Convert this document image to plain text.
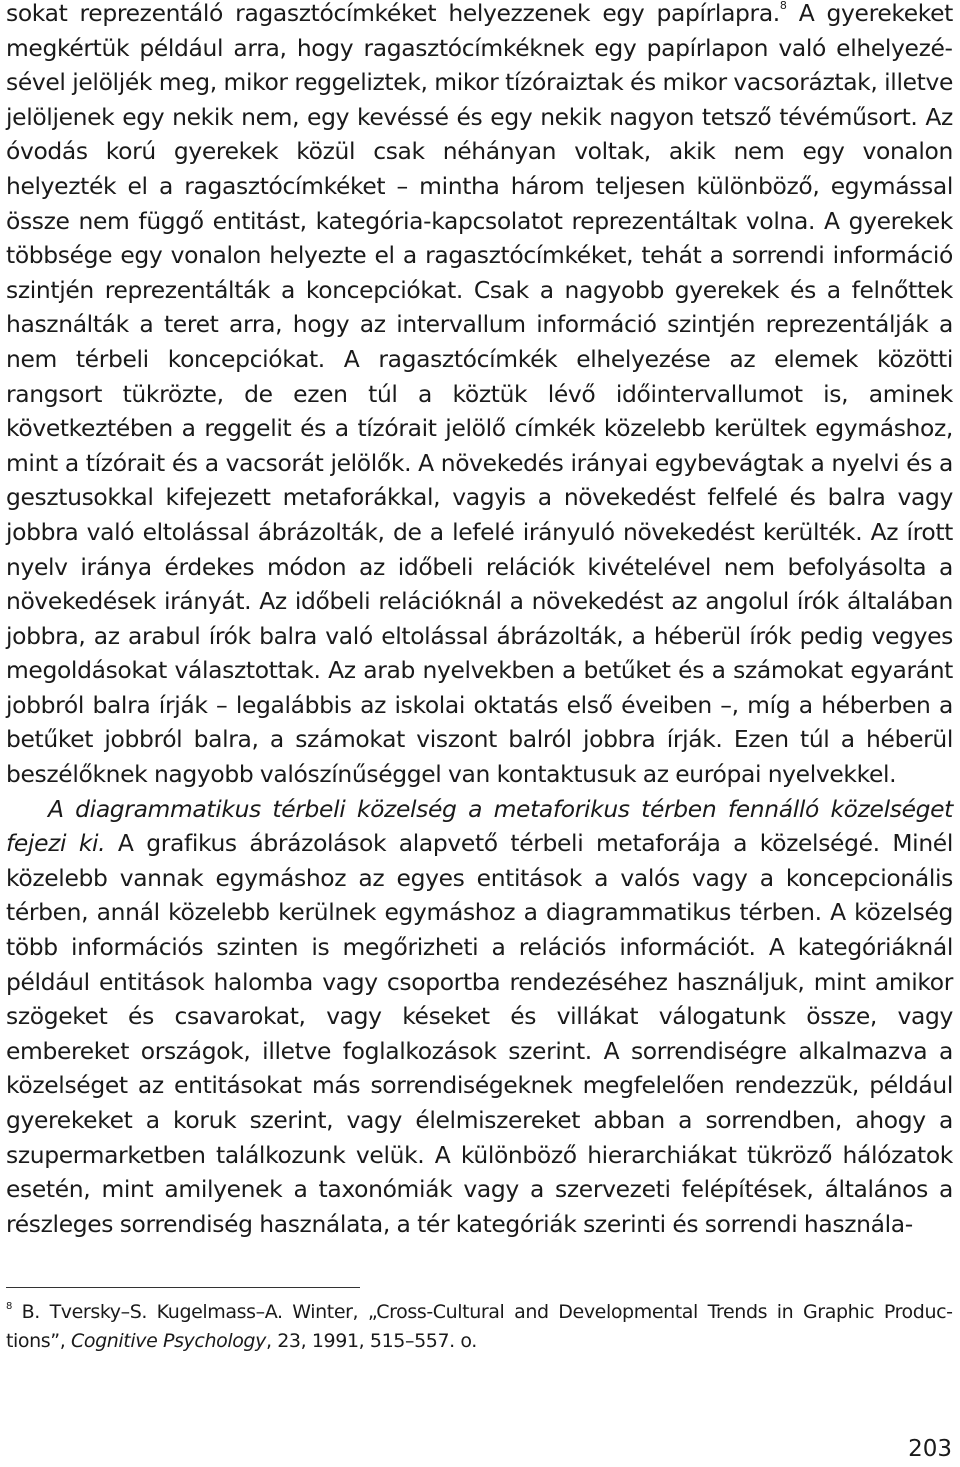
sokat reprezentáló ragasztócímkéket helyezzenek egy papírlapra.$^8$ A gyerekeket megkértük például arra, hogy ragasztócímkéknek egy papírlapon való elhelyezésével jelöljék meg, mikor reggeliztek, mikor tízóraiztak és mikor vacsoráztak, illetve jelöljenek egy nekik nem, egy kevéssé és egy nekik nagyon tetsző tévéműsort. Az óvodás korú gyerekek közül csak néhányan voltak, akik nem egy vonalon helyezték el a ragasztócímkéket – mintha három teljesen különböző, egymással össze nem függő entitást, kategória-kapcsolatot reprezentáltak volna. A gyerekek többsége egy vonalon helyezte el a ragasztócímkéket, tehát a sorrendi információ szintjén reprezentálták a koncepciókat. Csak a nagyobb gyerekek és a felnőttek használták a teret arra, hogy az intervallum információ szintjén reprezentálják a nem térbeli koncepciókat. A ragasztócímkék elhelyezése az elemek közötti rangsort tükrözte, de ezen túl a köztük lévő időintervallumot is, aminek következtében a reggelit és a tízórait jelölő címkék közelebb kerültek egymáshoz, mint a tízórait és a vacsorát jelölők. A növekedés irányai egybevágtak a nyelvi és a gesztusokkal kifejezett metaforákkal, vagyis a növekedést felfelé és balra vagy jobbra való eltolással ábrázolták, de a lefelé irányuló növekedést kerülték. Az írott nyelv iránya érdekes módon az időbeli relációk kivételével nem befolyásolta a növekedések irányát. Az időbeli relációknál a növekedést az angolul írók általában jobbra, az arabul írók balra való eltolással ábrázolták, a héberül írók pedig vegyes megoldásokat választottak. Az arab nyelvekben a betűket és a számokat egyaránt jobbról balra írják – legalábbis az iskolai oktatás első éveiben –, míg a héberben a betűket jobbról balra, a számokat viszont balról jobbra írják. Ezen túl a héberül beszélőknek nagyobb valószínűséggel van kontaktusuk az európai nyelvekkel.

A diagrammatikus térbeli közelség a metaforikus térben fennálló közelséget fejezi ki. A grafikus ábrázolások alapvető térbeli metaforája a közelségé. Minél közelebb vannak egymáshoz az egyes entitások a valós vagy a koncepcionális térben, annál közelebb kerülnek egymáshoz a diagrammatikus térben. A közelség több információs szinten is megőrizheti a relációs információt. A kategóriáknál például entitások halomba vagy csoportba rendezéséhez használjuk, mint amikor szögeket és csavarokat, vagy késeket és villákat válogatunk össze, vagy embereket országok, illetve foglalkozások szerint. A sorrendiségre alkalmazva a közelséget az entitásokat más sorrendiségeknek megfelelően rendezzük, például gyerekeket a koruk szerint, vagy élelmiszereket abban a sorrendben, ahogy a szupermarketben találkozunk velük. A különböző hierarchiákat tükröző hálózatok esetén, mint amilyenek a taxonómiák vagy a szervezeti felépítések, általános a részleges sorrendiség használata, a tér kategóriák szerinti és sorrendi használa-

$^8$ B. Tversky–S. Kugelmass–A. Winter, „Cross-Cultural and Developmental Trends in Graphic Productions”, Cognitive Psychology, 23, 1991, 515–557. o.
203
